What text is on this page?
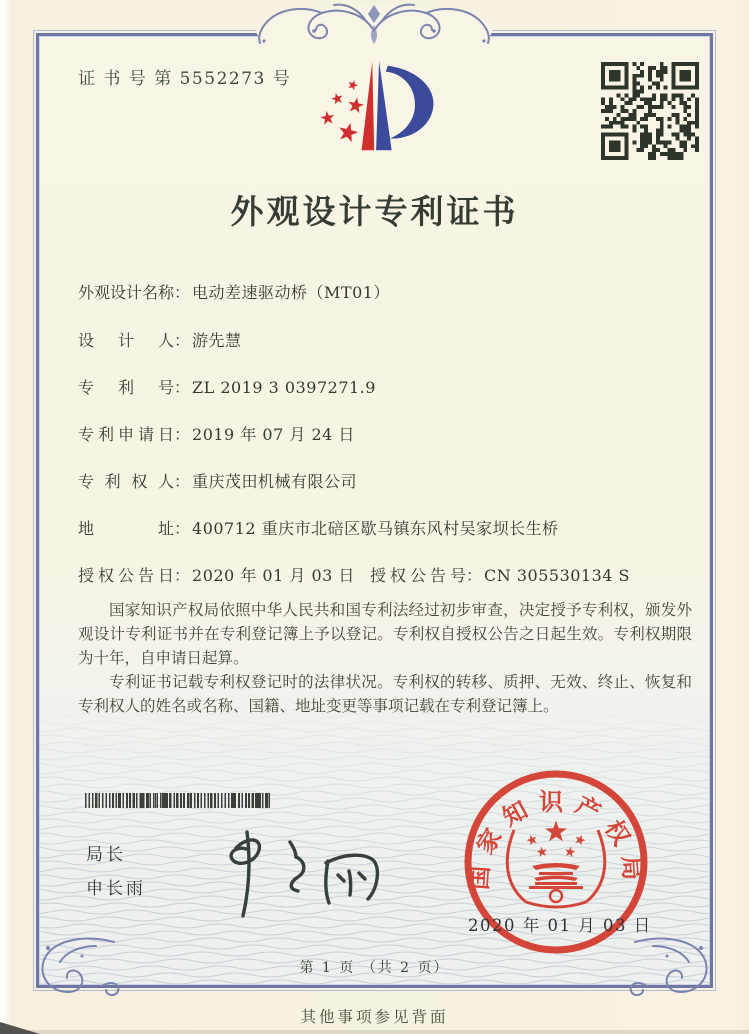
证 书 号 第 5552273 号
外观设计专利证书
外观设计名称： 电动差速驱动桥（MT01）
设计人： 游先慧
专利号： ZL 2019 3 0397271.9
专利申请日： 2019 年 07 月 24 日
专利权人： 重庆茂田机械有限公司
地址： 400712 重庆市北碚区歇马镇东风村吴家坝长生桥
授权公告日： 2020 年 01 月 03 日 授权公告号： CN 305530134 S

国家知识产权局依照中华人民共和国专利法经过初步审查，决定授予专利权，颁发外观设计专利证书并在专利登记簿上予以登记。专利权自授权公告之日起生效。专利权期限为十年，自申请日起算。

专利证书记载专利权登记时的法律状况。专利权的转移、质押、无效、终止、恢复和专利权人的姓名或名称、国籍、地址变更等事项记载在专利登记簿上。

局长
申长雨	国家知识产权局
2020 年 01 月 03 日
第 1 页 （共 2 页）
其他事项参见背面
